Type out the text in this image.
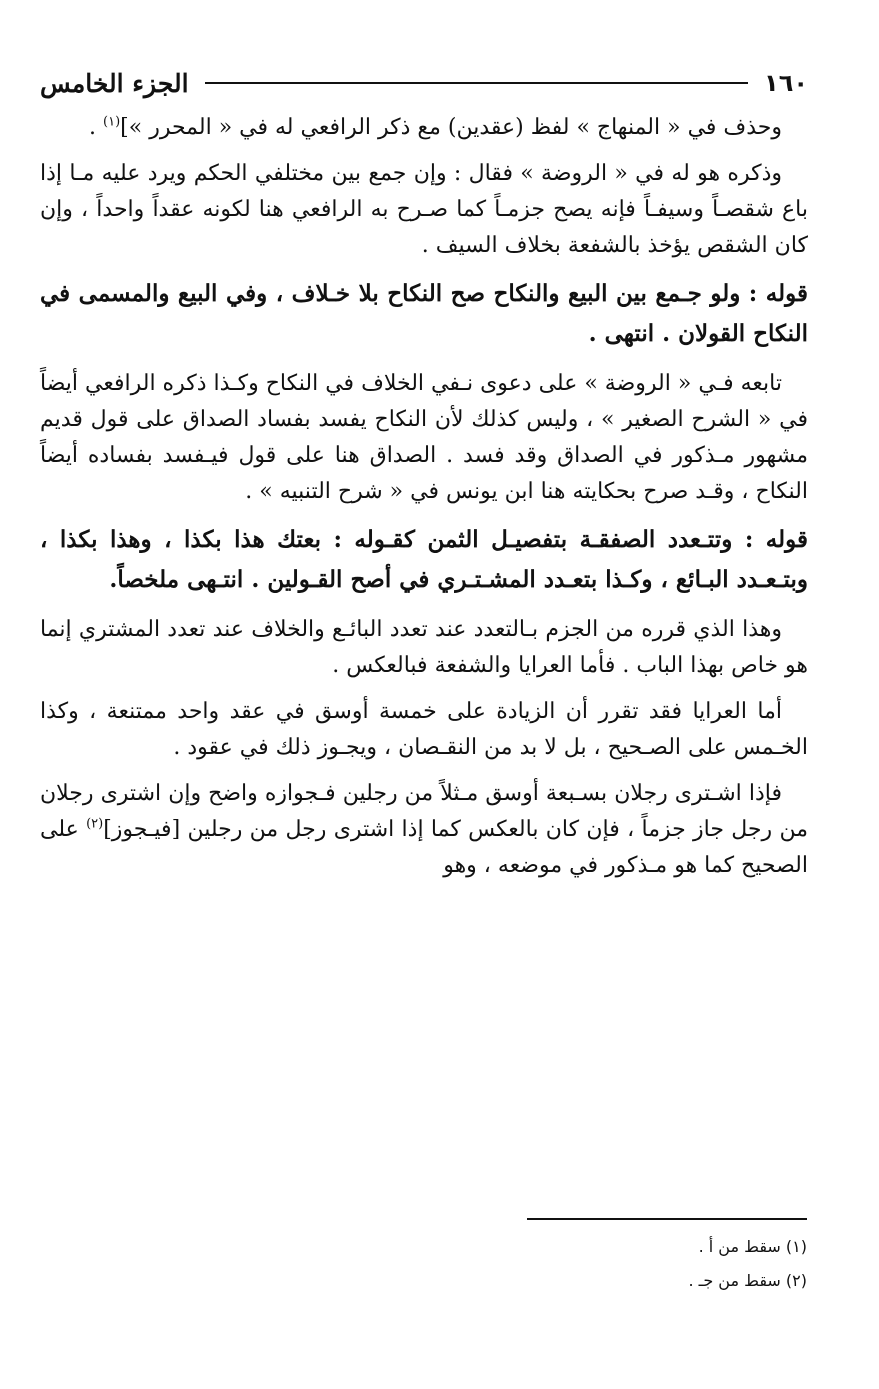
١٦٠
الجزء الخامس

وحذف في « المنهاج » لفظ (عقدين) مع ذكر الرافعي له في « المحرر »]$^{(١)}$ .

وذكره هو له في « الروضة » فقال : وإن جمع بين مختلفي الحكم ويرد عليه مـا إذا باع شقصـاً وسيفـاً فإنه يصح جزمـاً كما صـرح به الرافعي هنا لكونه عقداً واحداً ، وإن كان الشقص يؤخذ بالشفعة بخلاف السيف .

قوله : ولو جـمع بين البيع والنكاح صح النكاح بلا خـلاف ، وفي البيع والمسمى في النكاح القولان . انتهى .

تابعه فـي « الروضة » على دعوى نـفي الخلاف في النكاح وكـذا ذكره الرافعي أيضاً في « الشرح الصغير » ، وليس كذلك لأن النكاح يفسد بفساد الصداق على قول قديم مشهور مـذكور في الصداق وقد فسد . الصداق هنا على قول فيـفسد بفساده أيضاً النكاح ، وقـد صرح بحكايته هنا ابن يونس في « شرح التنبيه » .

قوله : وتتـعدد الصفقـة بتفصيـل الثمن كقـوله : بعتك هذا بكذا ، وهذا بكذا ، وبتـعـدد البـائع ، وكـذا بتعـدد المشـتـري في أصح القـولين . انتـهى ملخصاً.

وهذا الذي قرره من الجزم بـالتعدد عند تعدد البائـع والخلاف عند تعدد المشتري إنما هو خاص بهذا الباب . فأما العرايا والشفعة فبالعكس .

أما العرايا فقد تقرر أن الزيادة على خمسة أوسق في عقد واحد ممتنعة ، وكذا الخـمس على الصـحيح ، بل لا بد من النقـصان ، ويجـوز ذلك في عقود .

فإذا اشـترى رجلان بسـبعة أوسق مـثلاً من رجلين فـجوازه واضح وإن اشترى رجلان من رجل جاز جزماً ، فإن كان بالعكس كما إذا اشترى رجل من رجلين [فيـجوز]$^{(٢)}$ على الصحيح كما هو مـذكور في موضعه ، وهو

(١) سقط من أ .

(٢) سقط من جـ .
